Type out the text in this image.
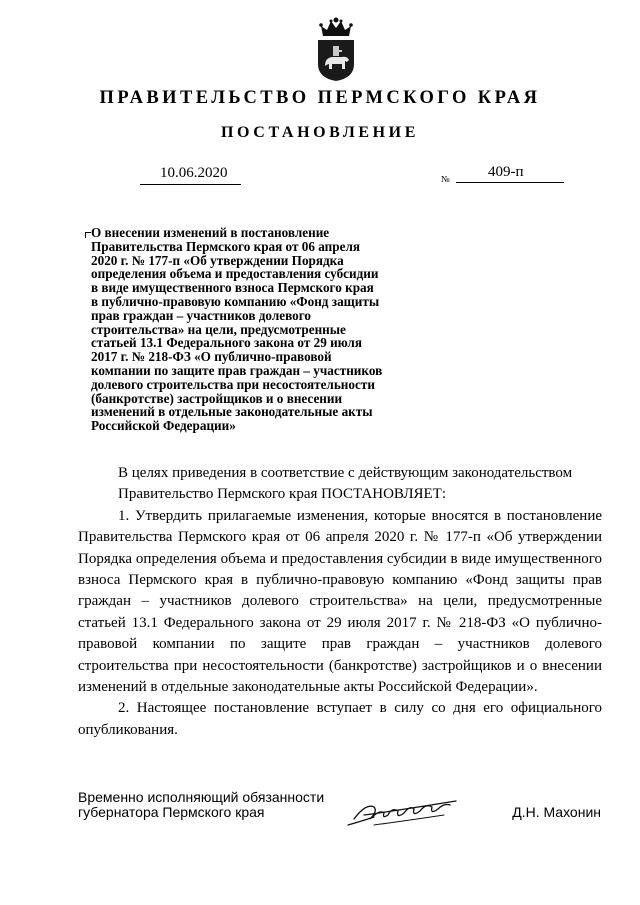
ПРАВИТЕЛЬСТВО ПЕРМСКОГО КРАЯ
ПОСТАНОВЛЕНИЕ
10.06.2020	№	409-п

О внесении изменений в постановление
Правительства Пермского края от 06 апреля
2020 г. № 177-п «Об утверждении Порядка
определения объема и предоставления субсидии
в виде имущественного взноса Пермского края
в публично-правовую компанию «Фонд защиты
прав граждан – участников долевого
строительства» на цели, предусмотренные
статьей 13.1 Федерального закона от 29 июля
2017 г. № 218-ФЗ «О публично-правовой
компании по защите прав граждан – участников
долевого строительства при несостоятельности
(банкротстве) застройщиков и о внесении
изменений в отдельные законодательные акты
Российской Федерации»

В целях приведения в соответствие с действующим законодательством

Правительство Пермского края ПОСТАНОВЛЯЕТ:

1. Утвердить прилагаемые изменения, которые вносятся в постановление Правительства Пермского края от 06 апреля 2020 г. № 177-п «Об утверждении Порядка определения объема и предоставления субсидии в виде имущественного взноса Пермского края в публично-правовую компанию «Фонд защиты прав граждан – участников долевого строительства» на цели, предусмотренные статьей 13.1 Федерального закона от 29 июля 2017 г. № 218-ФЗ «О публично-правовой компании по защите прав граждан – участников долевого строительства при несостоятельности (банкротстве) застройщиков и о внесении изменений в отдельные законодательные акты Российской Федерации».

2. Настоящее постановление вступает в силу со дня его официального опубликования.

Временно исполняющий обязанности
губернатора Пермского края	Д.Н. Махонин
